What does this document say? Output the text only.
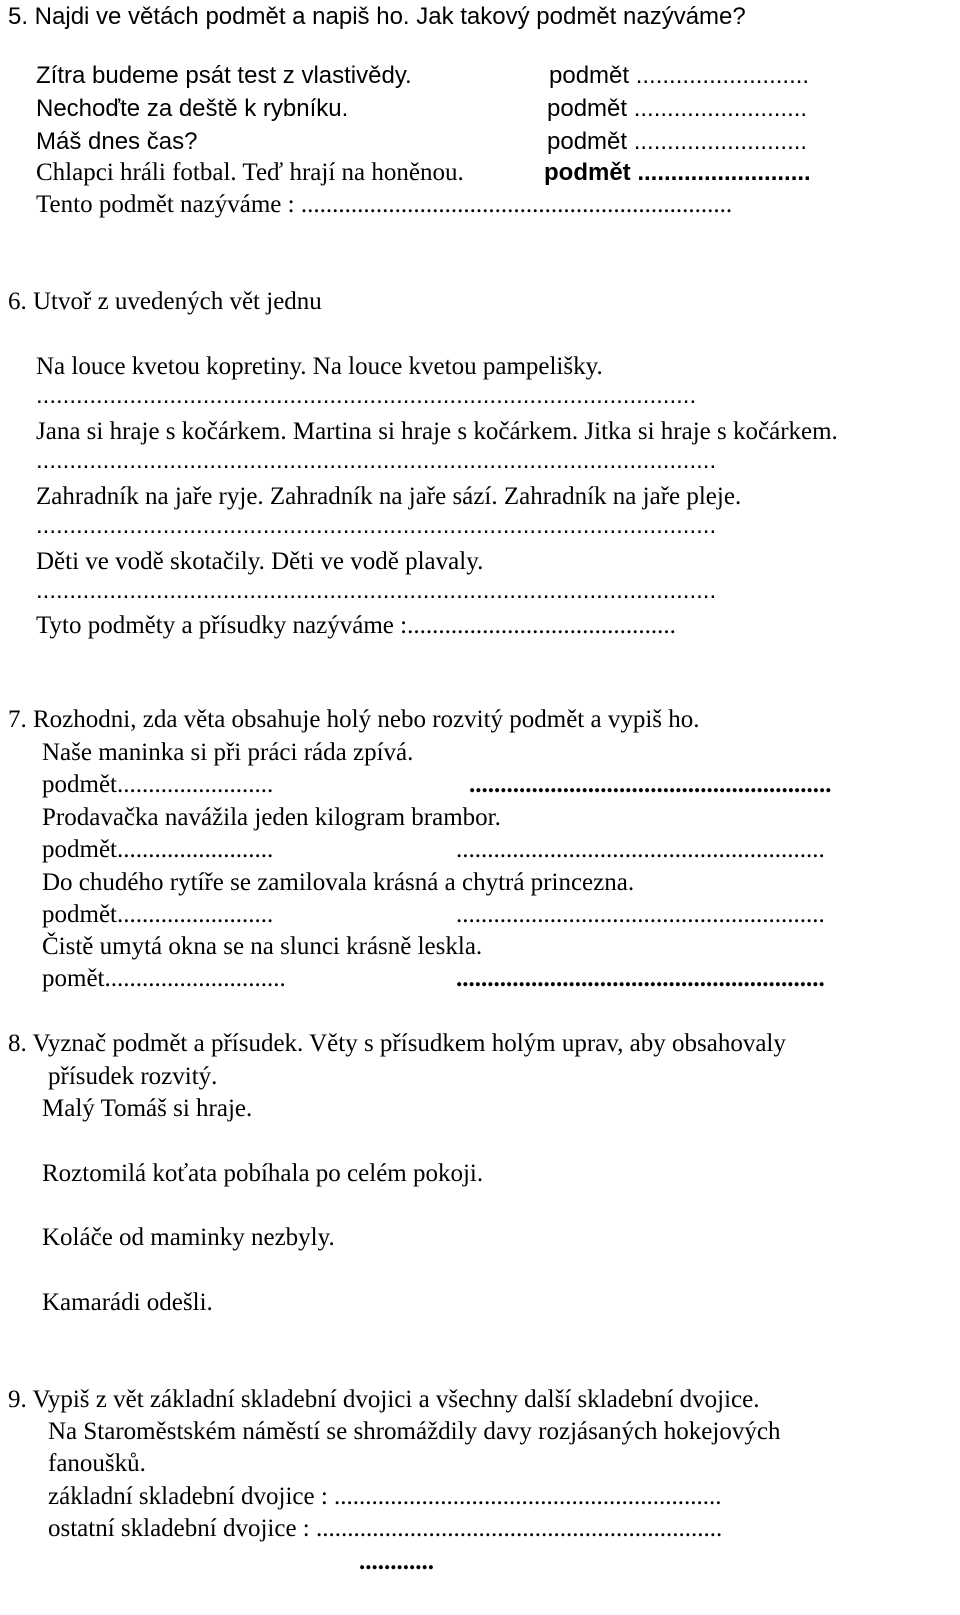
5. Najdi ve větách podmět a napiš ho. Jak takový podmět nazýváme?
Zítra budeme psát test z vlastivědy.	podmět ..........................
Nechoďte za deště k rybníku.	podmět ..........................
Máš dnes čas?	podmět ..........................
Chlapci hráli fotbal. Teď hrají na honěnou.	podmět ..........................
Tento podmět nazýváme : .....................................................................
6. Utvoř z uvedených vět jednu
Na louce kvetou kopretiny. Na louce kvetou pampelišky.
...................................................................................................
Jana si hraje s kočárkem. Martina si hraje s kočárkem. Jitka si hraje s kočárkem.
......................................................................................................
Zahradník na jaře ryje. Zahradník na jaře sází. Zahradník na jaře pleje.
......................................................................................................
Děti ve vodě skotačily. Děti ve vodě plavaly.
......................................................................................................
Tyto podměty a přísudky nazýváme :...........................................
7. Rozhodni, zda věta obsahuje holý nebo rozvitý podmět a vypiš ho.
Naše maninka si při práci ráda zpívá.
podmět.........................	..........................................................
Prodavačka navážila jeden kilogram brambor.
podmět.........................	...........................................................
Do chudého rytíře se zamilovala krásná a chytrá princezna.
podmět.........................	...........................................................
Čistě umytá okna se na slunci krásně leskla.
pomět.............................	...........................................................
8. Vyznač podmět a přísudek. Věty s přísudkem holým uprav, aby obsahovaly
přísudek rozvitý.
Malý Tomáš si hraje.
Roztomilá koťata pobíhala po celém pokoji.
Koláče od maminky nezbyly.
Kamarádi odešli.
9. Vypiš z vět základní skladební dvojici a všechny další skladební dvojice.
Na Staroměstském náměstí se shromáždily davy rozjásaných hokejových
fanoušků.
základní skladební dvojice : ..............................................................
ostatní skladební dvojice : .................................................................
............
